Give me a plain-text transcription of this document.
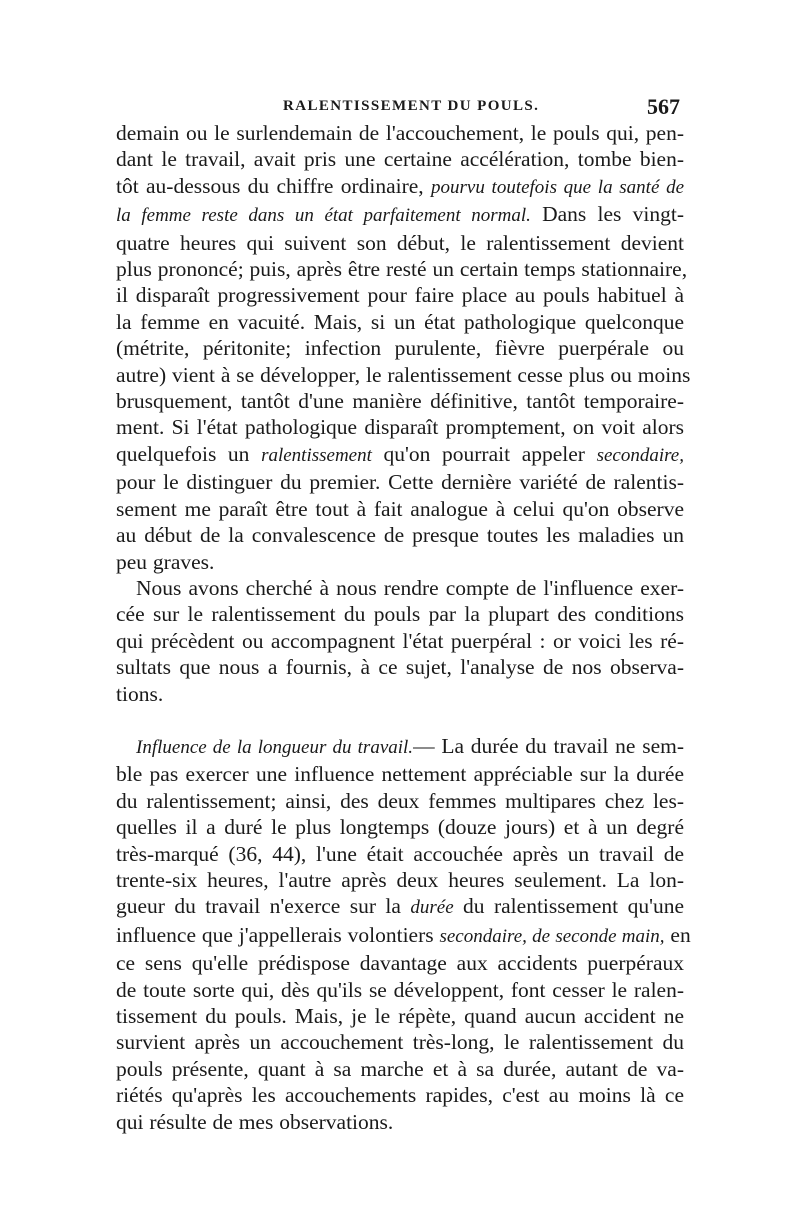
RALENTISSEMENT DU POULS.	567

demain ou le surlendemain de l'accouchement, le pouls qui, pen-
dant le travail, avait pris une certaine accélération, tombe bien-
tôt au-dessous du chiffre ordinaire, pourvu toutefois que la santé de
la femme reste dans un état parfaitement normal. Dans les vingt-
quatre heures qui suivent son début, le ralentissement devient
plus prononcé; puis, après être resté un certain temps stationnaire,
il disparaît progressivement pour faire place au pouls habituel à
la femme en vacuité. Mais, si un état pathologique quelconque
(métrite, péritonite; infection purulente, fièvre puerpérale ou
autre) vient à se développer, le ralentissement cesse plus ou moins
brusquement, tantôt d'une manière définitive, tantôt temporaire-
ment. Si l'état pathologique disparaît promptement, on voit alors
quelquefois un ralentissement qu'on pourrait appeler secondaire,
pour le distinguer du premier. Cette dernière variété de ralentis-
sement me paraît être tout à fait analogue à celui qu'on observe
au début de la convalescence de presque toutes les maladies un
peu graves.

Nous avons cherché à nous rendre compte de l'influence exer-
cée sur le ralentissement du pouls par la plupart des conditions
qui précèdent ou accompagnent l'état puerpéral : or voici les ré-
sultats que nous a fournis, à ce sujet, l'analyse de nos observa-
tions.

Influence de la longueur du travail.— La durée du travail ne sem-
ble pas exercer une influence nettement appréciable sur la durée
du ralentissement; ainsi, des deux femmes multipares chez les-
quelles il a duré le plus longtemps (douze jours) et à un degré
très-marqué (36, 44), l'une était accouchée après un travail de
trente-six heures, l'autre après deux heures seulement. La lon-
gueur du travail n'exerce sur la durée du ralentissement qu'une
influence que j'appellerais volontiers secondaire, de seconde main, en
ce sens qu'elle prédispose davantage aux accidents puerpéraux
de toute sorte qui, dès qu'ils se développent, font cesser le ralen-
tissement du pouls. Mais, je le répète, quand aucun accident ne
survient après un accouchement très-long, le ralentissement du
pouls présente, quant à sa marche et à sa durée, autant de va-
riétés qu'après les accouchements rapides, c'est au moins là ce
qui résulte de mes observations.
